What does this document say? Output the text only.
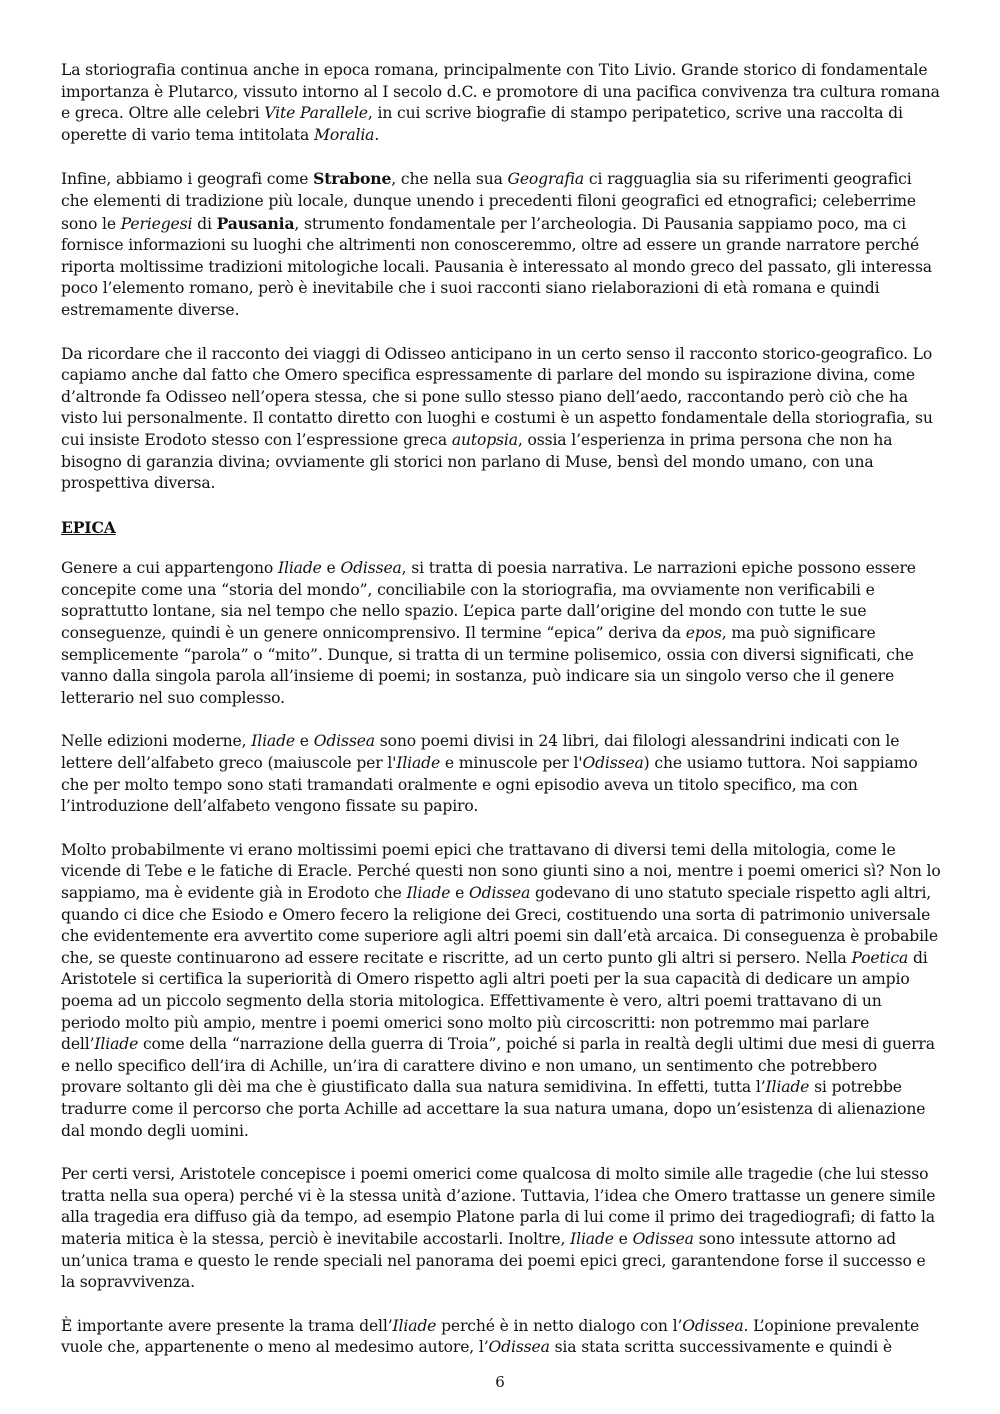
La storiografia continua anche in epoca romana, principalmente con Tito Livio. Grande storico di fondamentale importanza è Plutarco, vissuto intorno al I secolo d.C. e promotore di una pacifica convivenza tra cultura romana e greca. Oltre alle celebri Vite Parallele, in cui scrive biografie di stampo peripatetico, scrive una raccolta di operette di vario tema intitolata Moralia.

Infine, abbiamo i geografi come Strabone, che nella sua Geografia ci ragguaglia sia su riferimenti geografici che elementi di tradizione più locale, dunque unendo i precedenti filoni geografici ed etnografici; celeberrime sono le Periegesi di Pausania, strumento fondamentale per l’archeologia. Di Pausania sappiamo poco, ma ci fornisce informazioni su luoghi che altrimenti non conosceremmo, oltre ad essere un grande narratore perché riporta moltissime tradizioni mitologiche locali. Pausania è interessato al mondo greco del passato, gli interessa poco l’elemento romano, però è inevitabile che i suoi racconti siano rielaborazioni di età romana e quindi estremamente diverse.

Da ricordare che il racconto dei viaggi di Odisseo anticipano in un certo senso il racconto storico-geografico. Lo capiamo anche dal fatto che Omero specifica espressamente di parlare del mondo su ispirazione divina, come d’altronde fa Odisseo nell’opera stessa, che si pone sullo stesso piano dell’aedo, raccontando però ciò che ha visto lui personalmente. Il contatto diretto con luoghi e costumi è un aspetto fondamentale della storiografia, su cui insiste Erodoto stesso con l’espressione greca autopsia, ossia l’esperienza in prima persona che non ha bisogno di garanzia divina; ovviamente gli storici non parlano di Muse, bensì del mondo umano, con una prospettiva diversa.

EPICA

Genere a cui appartengono Iliade e Odissea, si tratta di poesia narrativa. Le narrazioni epiche possono essere concepite come una “storia del mondo”, conciliabile con la storiografia, ma ovviamente non verificabili e soprattutto lontane, sia nel tempo che nello spazio. L’epica parte dall’origine del mondo con tutte le sue conseguenze, quindi è un genere onnicomprensivo. Il termine “epica” deriva da epos, ma può significare semplicemente “parola” o “mito”. Dunque, si tratta di un termine polisemico, ossia con diversi significati, che vanno dalla singola parola all’insieme di poemi; in sostanza, può indicare sia un singolo verso che il genere letterario nel suo complesso.

Nelle edizioni moderne, Iliade e Odissea sono poemi divisi in 24 libri, dai filologi alessandrini indicati con le lettere dell’alfabeto greco (maiuscole per l'Iliade e minuscole per l'Odissea) che usiamo tuttora. Noi sappiamo che per molto tempo sono stati tramandati oralmente e ogni episodio aveva un titolo specifico, ma con l’introduzione dell’alfabeto vengono fissate su papiro.

Molto probabilmente vi erano moltissimi poemi epici che trattavano di diversi temi della mitologia, come le vicende di Tebe e le fatiche di Eracle. Perché questi non sono giunti sino a noi, mentre i poemi omerici sì? Non lo sappiamo, ma è evidente già in Erodoto che Iliade e Odissea godevano di uno statuto speciale rispetto agli altri, quando ci dice che Esiodo e Omero fecero la religione dei Greci, costituendo una sorta di patrimonio universale che evidentemente era avvertito come superiore agli altri poemi sin dall’età arcaica. Di conseguenza è probabile che, se queste continuarono ad essere recitate e riscritte, ad un certo punto gli altri si persero. Nella Poetica di Aristotele si certifica la superiorità di Omero rispetto agli altri poeti per la sua capacità di dedicare un ampio poema ad un piccolo segmento della storia mitologica. Effettivamente è vero, altri poemi trattavano di un periodo molto più ampio, mentre i poemi omerici sono molto più circoscritti: non potremmo mai parlare dell’Iliade come della “narrazione della guerra di Troia”, poiché si parla in realtà degli ultimi due mesi di guerra e nello specifico dell’ira di Achille, un’ira di carattere divino e non umano, un sentimento che potrebbero provare soltanto gli dèi ma che è giustificato dalla sua natura semidivina. In effetti, tutta l’Iliade si potrebbe tradurre come il percorso che porta Achille ad accettare la sua natura umana, dopo un’esistenza di alienazione dal mondo degli uomini.

Per certi versi, Aristotele concepisce i poemi omerici come qualcosa di molto simile alle tragedie (che lui stesso tratta nella sua opera) perché vi è la stessa unità d’azione. Tuttavia, l’idea che Omero trattasse un genere simile alla tragedia era diffuso già da tempo, ad esempio Platone parla di lui come il primo dei tragediografi; di fatto la materia mitica è la stessa, perciò è inevitabile accostarli. Inoltre, Iliade e Odissea sono intessute attorno ad un’unica trama e questo le rende speciali nel panorama dei poemi epici greci, garantendone forse il successo e la sopravvivenza.

È importante avere presente la trama dell’Iliade perché è in netto dialogo con l’Odissea. L’opinione prevalente vuole che, appartenente o meno al medesimo autore, l’Odissea sia stata scritta successivamente e quindi è

6
